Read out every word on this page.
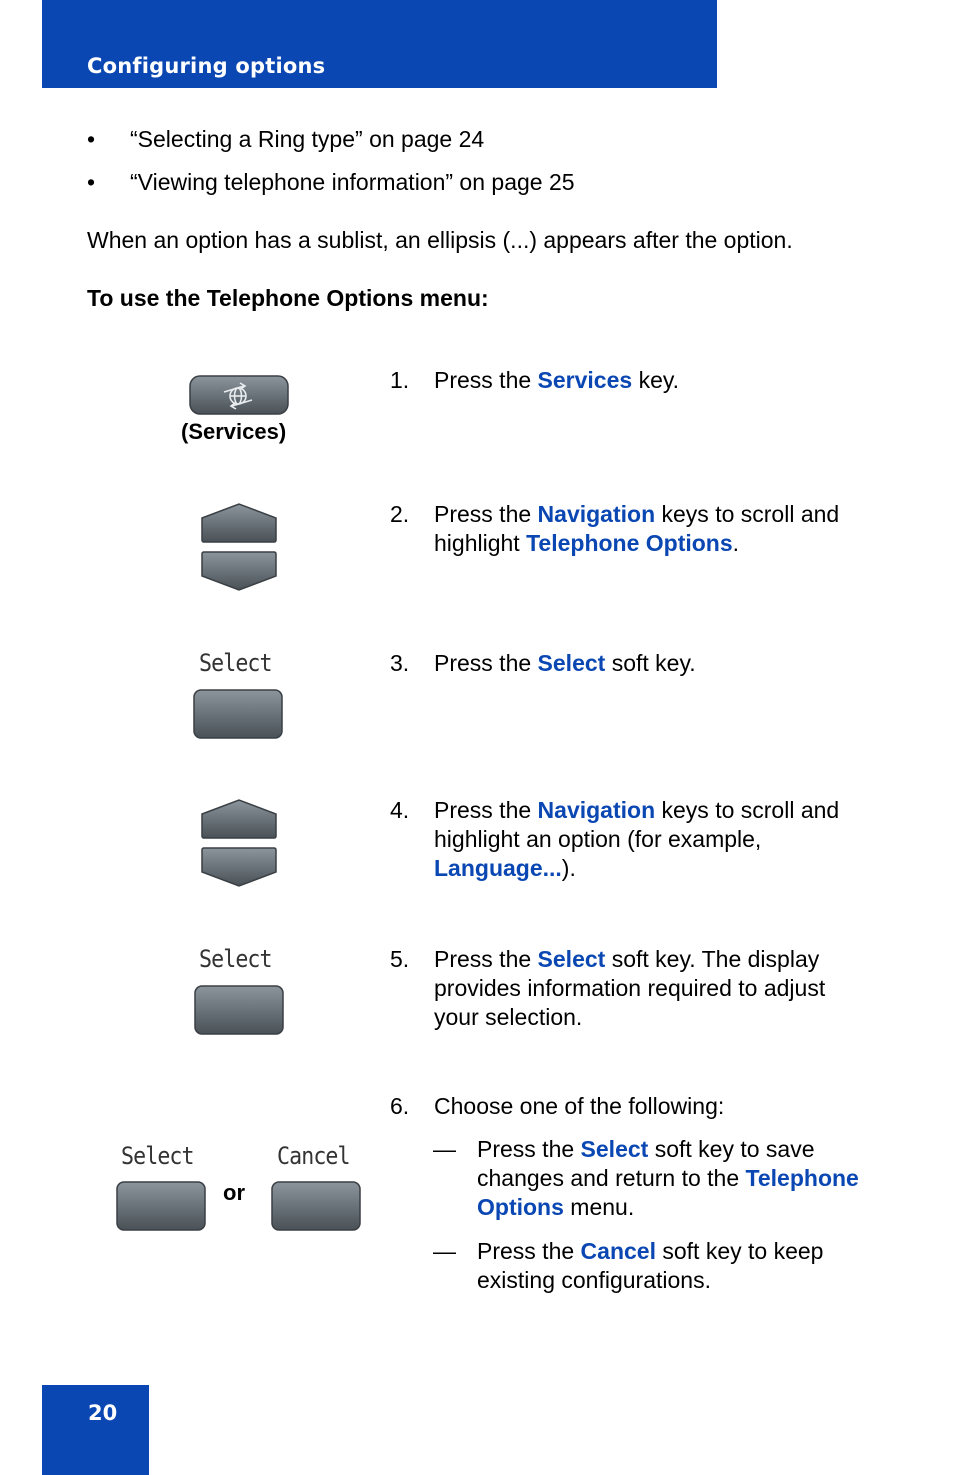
Configuring options
• “Selecting a Ring type” on page 24
• “Viewing telephone information” on page 25
When an option has a sublist, an ellipsis (...) appears after the option.
To use the Telephone Options menu:
(Services)
1. Press the Services key.
2. Press the Navigation keys to scroll and highlight Telephone Options.
Select	3. Press the Select soft key.
4. Press the Navigation keys to scroll and highlight an option (for example, Language...).
Select	5. Press the Select soft key. The display provides information required to adjust your selection.
Select
or
Cancel
6. Choose one of the following:
— Press the Select soft key to save changes and return to the Telephone Options menu.
— Press the Cancel soft key to keep existing configurations.
20
